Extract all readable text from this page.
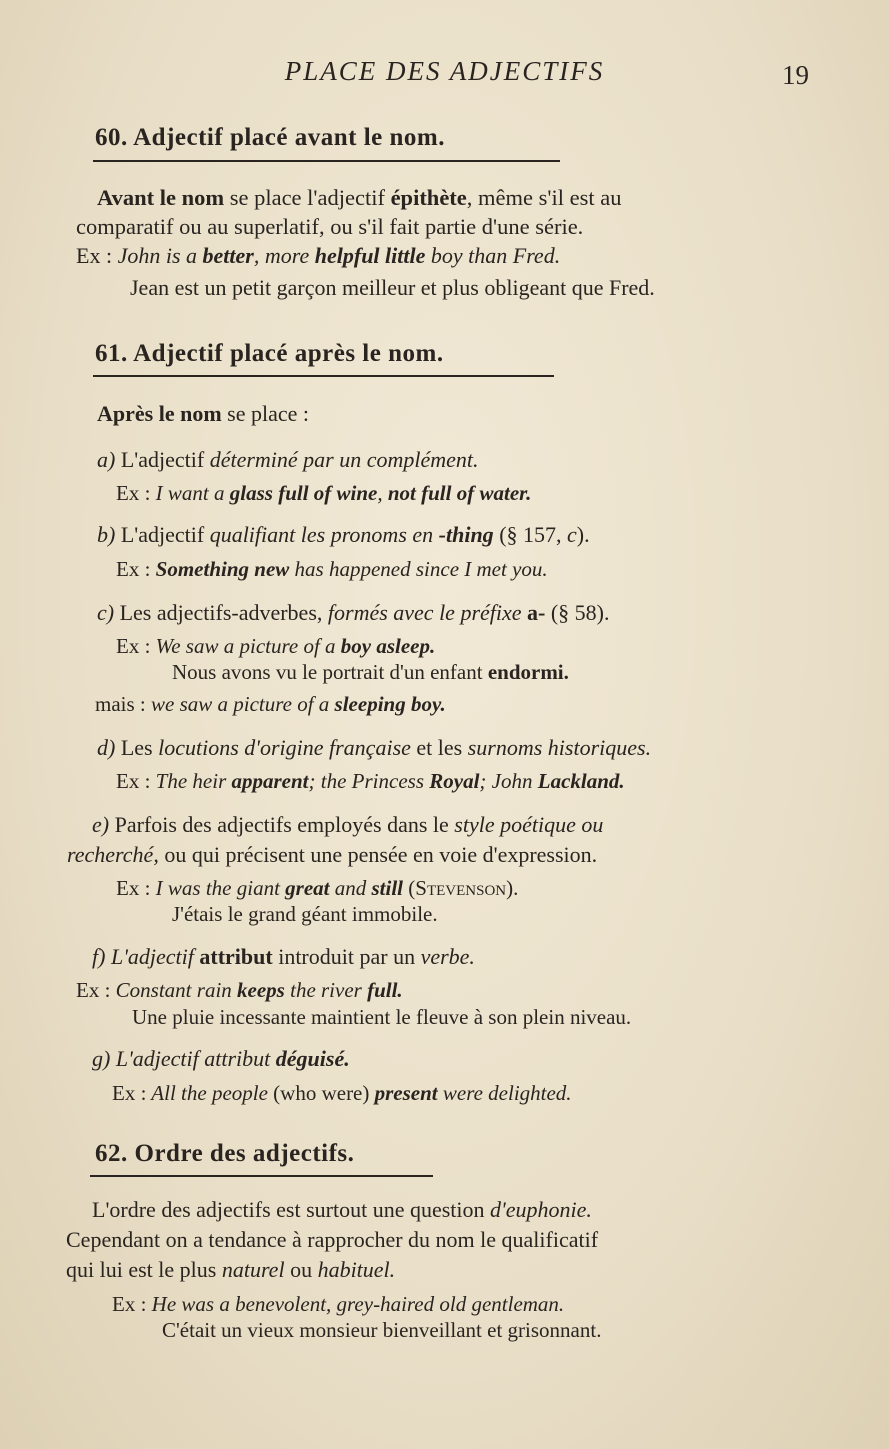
PLACE DES ADJECTIFS	19
60. Adjectif placé avant le nom.
Avant le nom se place l'adjectif épithète, même s'il est au
comparatif ou au superlatif, ou s'il fait partie d'une série.
Ex : John is a better, more helpful little boy than Fred.
Jean est un petit garçon meilleur et plus obligeant que Fred.
61. Adjectif placé après le nom.
Après le nom se place :
a) L'adjectif déterminé par un complément.
Ex : I want a glass full of wine, not full of water.
b) L'adjectif qualifiant les pronoms en -thing (§ 157, c).
Ex : Something new has happened since I met you.
c) Les adjectifs-adverbes, formés avec le préfixe a- (§ 58).
Ex : We saw a picture of a boy asleep.
Nous avons vu le portrait d'un enfant endormi.
mais : we saw a picture of a sleeping boy.
d) Les locutions d'origine française et les surnoms historiques.
Ex : The heir apparent; the Princess Royal; John Lackland.
e) Parfois des adjectifs employés dans le style poétique ou
recherché, ou qui précisent une pensée en voie d'expression.
Ex : I was the giant great and still (Stevenson).
J'étais le grand géant immobile.
f) L'adjectif attribut introduit par un verbe.
Ex : Constant rain keeps the river full.
Une pluie incessante maintient le fleuve à son plein niveau.
g) L'adjectif attribut déguisé.
Ex : All the people (who were) present were delighted.
62. Ordre des adjectifs.
L'ordre des adjectifs est surtout une question d'euphonie.
Cependant on a tendance à rapprocher du nom le qualificatif
qui lui est le plus naturel ou habituel.
Ex : He was a benevolent, grey-haired old gentleman.
C'était un vieux monsieur bienveillant et grisonnant.
